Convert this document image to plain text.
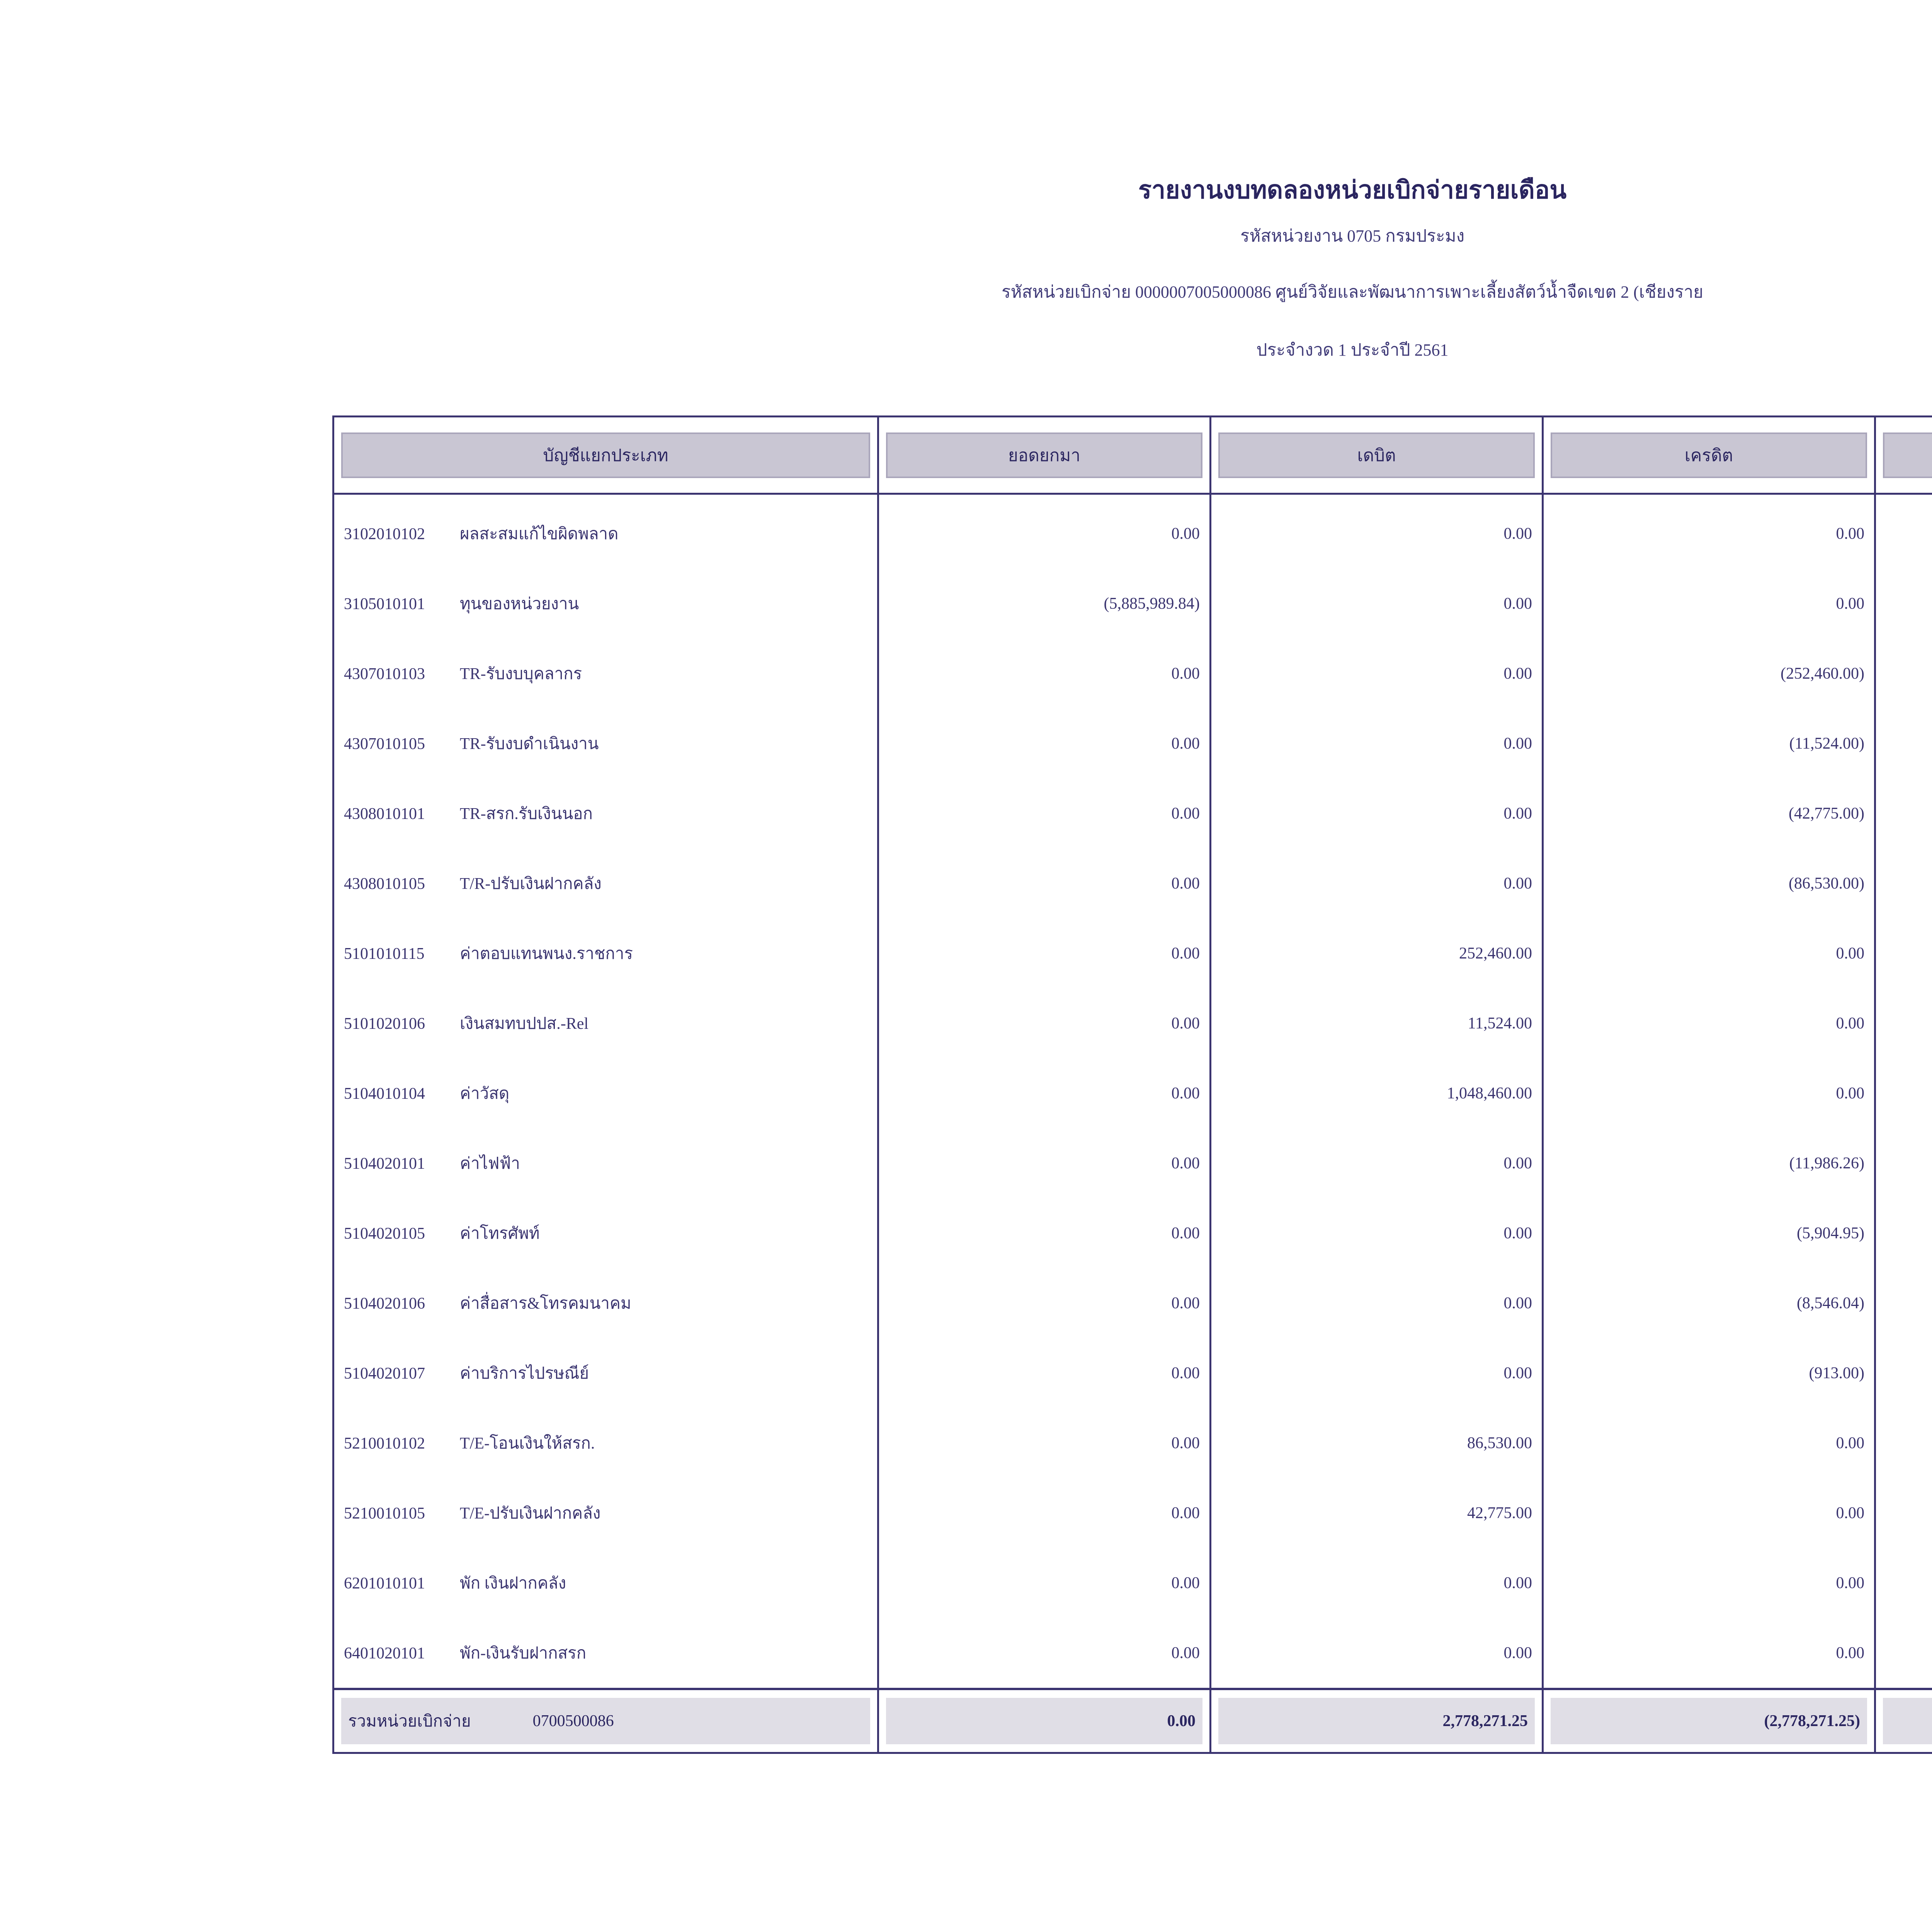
รายงานงบทดลองหน่วยเบิกจ่ายรายเดือน
รหัสหน่วยงาน 0705 กรมประมง
รหัสหน่วยเบิกจ่าย 0000007005000086 ศูนย์วิจัยและพัฒนาการเพาะเลี้ยงสัตว์น้ำจืดเขต 2 (เชียงราย
ประจำงวด 1 ประจำปี 2561
บัญชีแยกประเภท	ยอดยกมา	เดบิต	เครดิต

3102010102 ผลสะสมแก้ไขผิดพลาด	0.00	0.00	0.00	
3105010101 ทุนของหน่วยงาน	(5,885,989.84)	0.00	0.00	
4307010103 TR-รับงบบุคลากร	0.00	0.00	(252,460.00)	
4307010105 TR-รับงบดำเนินงาน	0.00	0.00	(11,524.00)	
4308010101 TR-สรก.รับเงินนอก	0.00	0.00	(42,775.00)	
4308010105 T/R-ปรับเงินฝากคลัง	0.00	0.00	(86,530.00)	
5101010115 ค่าตอบแทนพนง.ราชการ	0.00	252,460.00	0.00	
5101020106 เงินสมทบปปส.-Rel	0.00	11,524.00	0.00	
5104010104 ค่าวัสดุ	0.00	1,048,460.00	0.00	
5104020101 ค่าไฟฟ้า	0.00	0.00	(11,986.26)	
5104020105 ค่าโทรศัพท์	0.00	0.00	(5,904.95)	
5104020106 ค่าสื่อสาร&โทรคมนาคม	0.00	0.00	(8,546.04)	
5104020107 ค่าบริการไปรษณีย์	0.00	0.00	(913.00)	
5210010102 T/E-โอนเงินให้สรก.	0.00	86,530.00	0.00	
5210010105 T/E-ปรับเงินฝากคลัง	0.00	42,775.00	0.00	
6201010101 พัก เงินฝากคลัง	0.00	0.00	0.00	
6401020101 พัก-เงินรับฝากสรก	0.00	0.00	0.00	

รวมหน่วยเบิกจ่าย 0700500086	0.00	2,778,271.25	(2,778,271.25)
